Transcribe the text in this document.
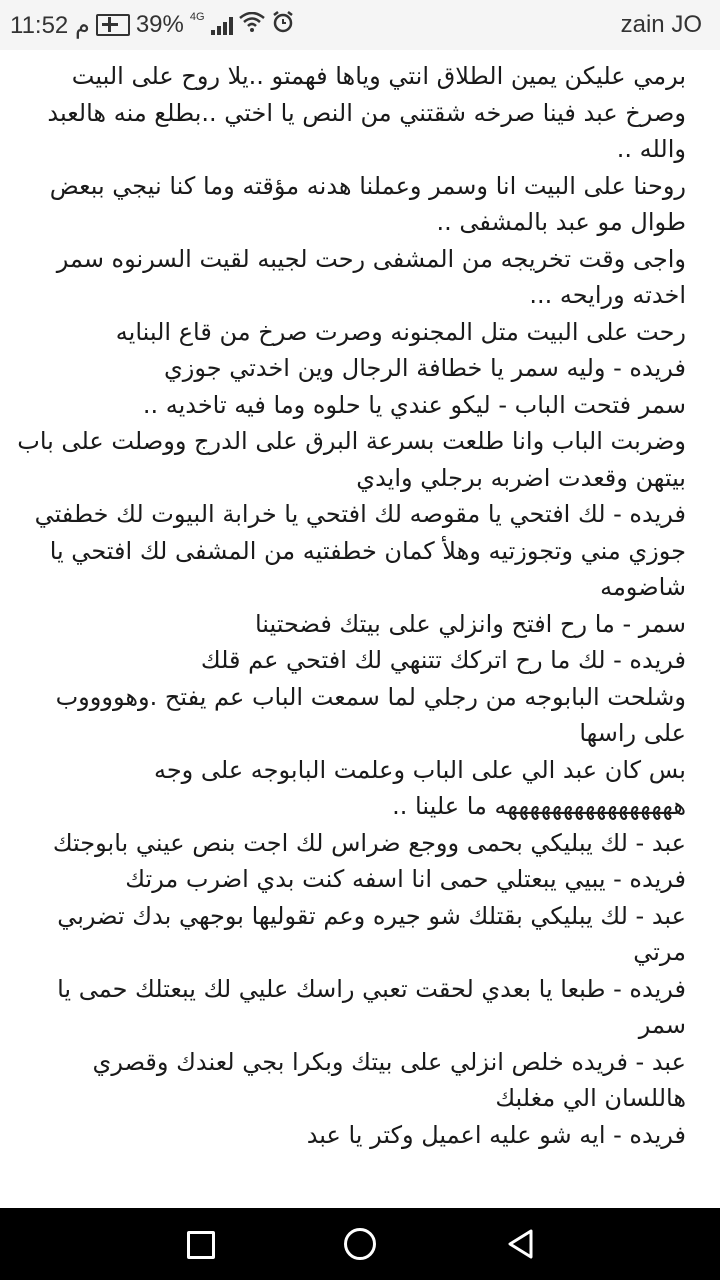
11:52 م 39% 4G	zain JO

برمي عليكن يمين الطلاق انتي وياها فهمتو ..يلا روح على البيت

وصرخ عبد فينا صرخه شقتني من النص يا اختي ..بطلع منه هالعبد والله ..

روحنا على البيت انا وسمر وعملنا هدنه مؤقته وما كنا نيجي ببعض طوال مو عبد بالمشفى ..

واجى وقت تخريجه من المشفى رحت لجيبه لقيت السرنوه سمر اخدته ورايحه ...

رحت على البيت متل المجنونه وصرت صرخ من قاع البنايه

فريده - وليه سمر يا خطافة الرجال وين اخدتي جوزي

سمر فتحت الباب - ليكو عندي يا حلوه وما فيه تاخديه ..

وضربت الباب وانا طلعت بسرعة البرق على الدرج ووصلت على باب بيتهن وقعدت اضربه برجلي وايدي

فريده - لك افتحي يا مقوصه لك افتحي يا خرابة البيوت لك خطفتي جوزي مني وتجوزتيه وهلأ كمان خطفتيه من المشفى لك افتحي يا شاضومه

سمر - ما رح افتح وانزلي على بيتك فضحتينا

فريده - لك ما رح اتركك تتنهي لك افتحي عم قلك

وشلحت البابوجه من رجلي لما سمعت الباب عم يفتح .وهووووب على راسها

بس كان عبد الي على الباب وعلمت البابوجه على وجه ههههههههههههههههه ما علينا ..

عبد - لك يبليكي بحمى ووجع ضراس لك اجت بنص عيني بابوجتك

فريده - يبيي يبعتلي حمى انا اسفه كنت بدي اضرب مرتك

عبد - لك يبليكي بقتلك شو جيره وعم تقوليها بوجهي بدك تضربي مرتي

فريده - طبعا يا بعدي لحقت تعبي راسك عليي لك يبعتلك حمى يا سمر

عبد - فريده خلص انزلي على بيتك وبكرا بجي لعندك وقصري هاللسان الي مغلبك

فريده - ايه شو عليه اعميل وكتر يا عبد
